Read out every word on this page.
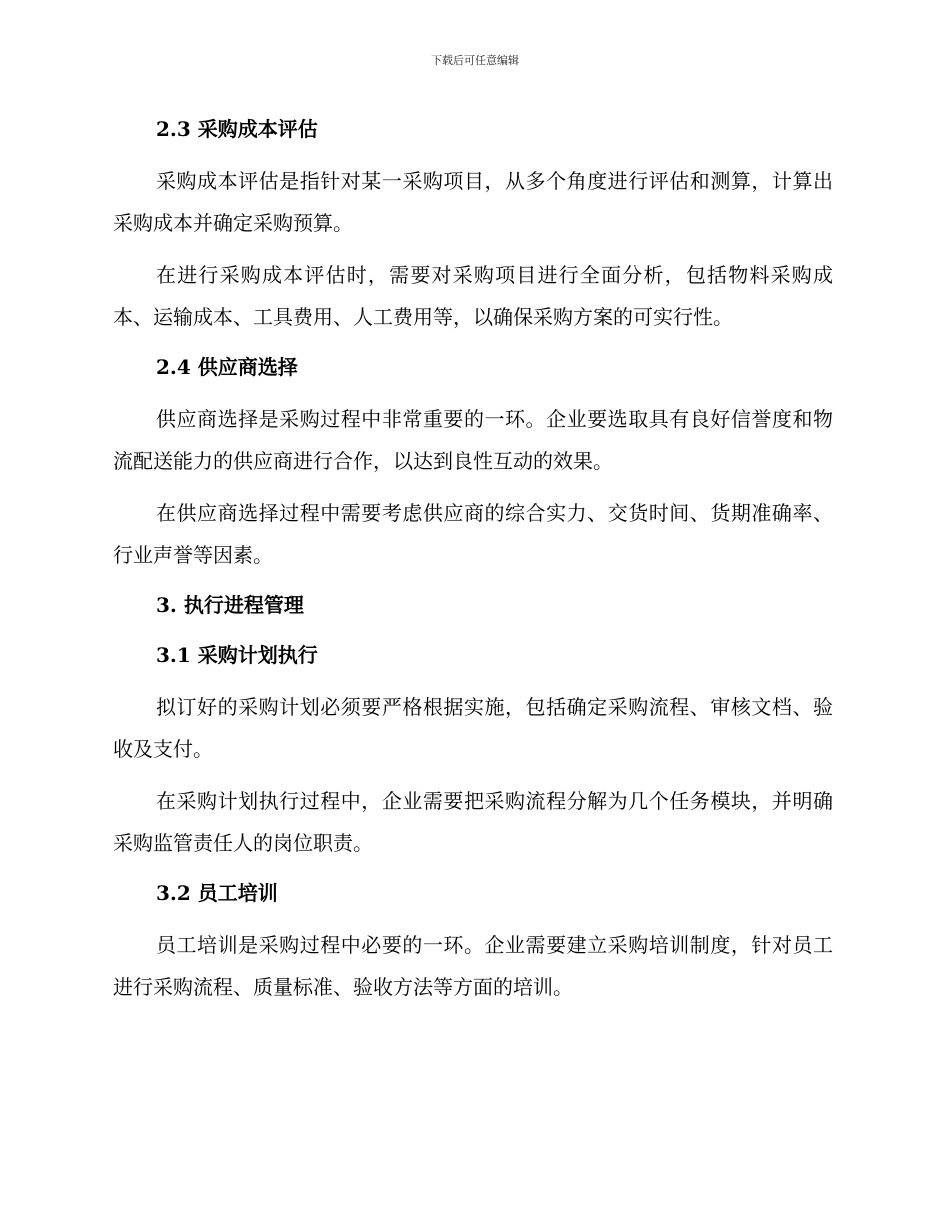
下载后可任意编辑
2.3 采购成本评估

采购成本评估是指针对某一采购项目，从多个角度进行评估和测算，计算出采购成本并确定采购预算。

在进行采购成本评估时，需要对采购项目进行全面分析，包括物料采购成本、运输成本、工具费用、人工费用等，以确保采购方案的可实行性。

2.4 供应商选择

供应商选择是采购过程中非常重要的一环。企业要选取具有良好信誉度和物流配送能力的供应商进行合作，以达到良性互动的效果。

在供应商选择过程中需要考虑供应商的综合实力、交货时间、货期准确率、行业声誉等因素。

3. 执行进程管理
3.1 采购计划执行

拟订好的采购计划必须要严格根据实施，包括确定采购流程、审核文档、验收及支付。

在采购计划执行过程中，企业需要把采购流程分解为几个任务模块，并明确采购监管责任人的岗位职责。

3.2 员工培训

员工培训是采购过程中必要的一环。企业需要建立采购培训制度，针对员工进行采购流程、质量标准、验收方法等方面的培训。
